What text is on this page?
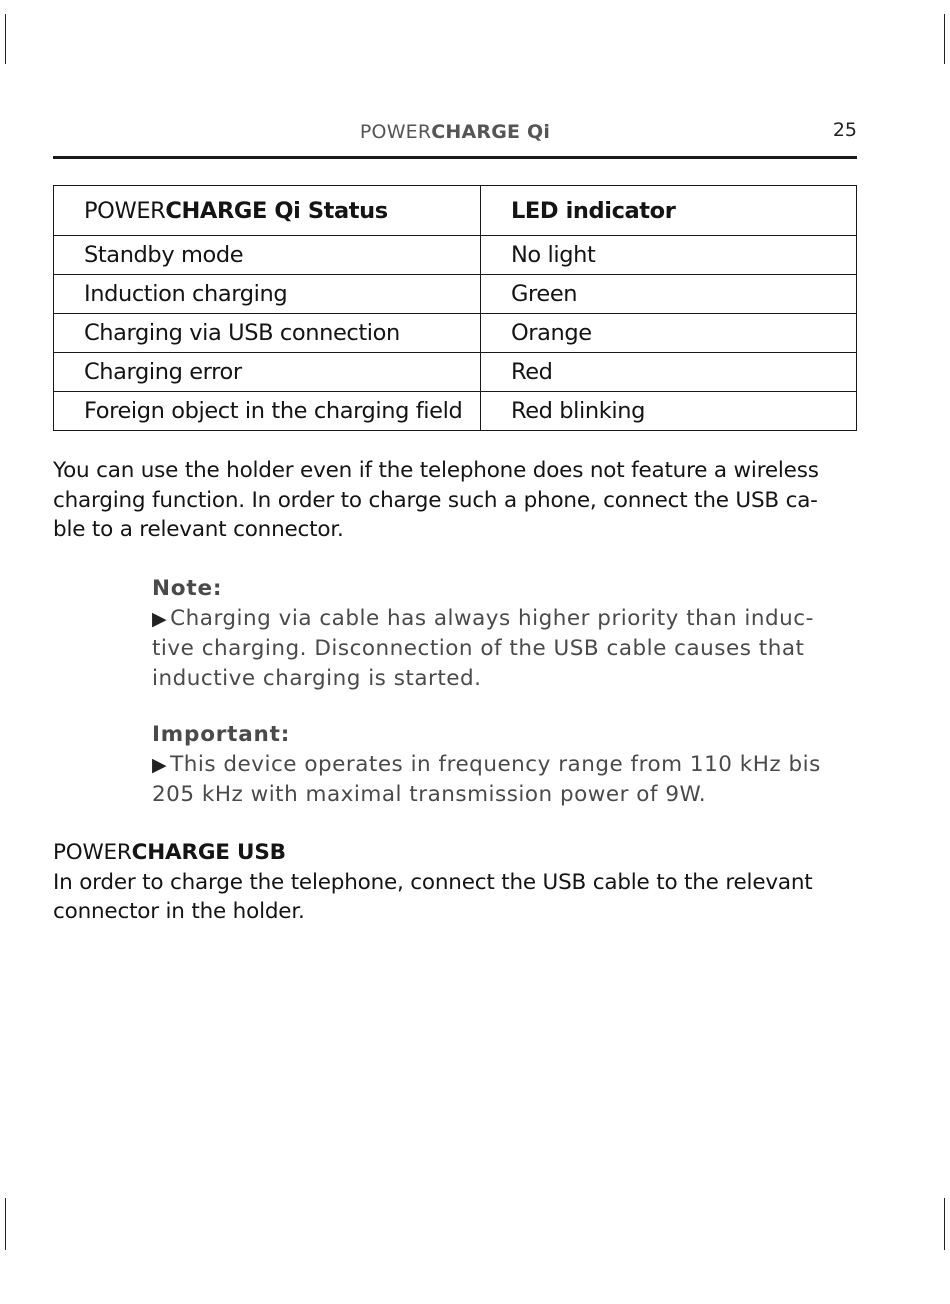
POWERCHARGE Qi	25
POWERCHARGE Qi Status	LED indicator
Standby mode	No light
Induction charging	Green
Charging via USB connection	Orange
Charging error	Red
Foreign object in the charging field	Red blinking
You can use the holder even if the telephone does not feature a wireless
charging function. In order to charge such a phone, connect the USB ca-
ble to a relevant connector.
Note:
▶ Charging via cable has always higher priority than induc-
tive charging. Disconnection of the USB cable causes that
inductive charging is started.
Important:
▶ This device operates in frequency range from 110 kHz bis
205 kHz with maximal transmission power of 9W.
POWERCHARGE USB
In order to charge the telephone, connect the USB cable to the relevant
connector in the holder.
